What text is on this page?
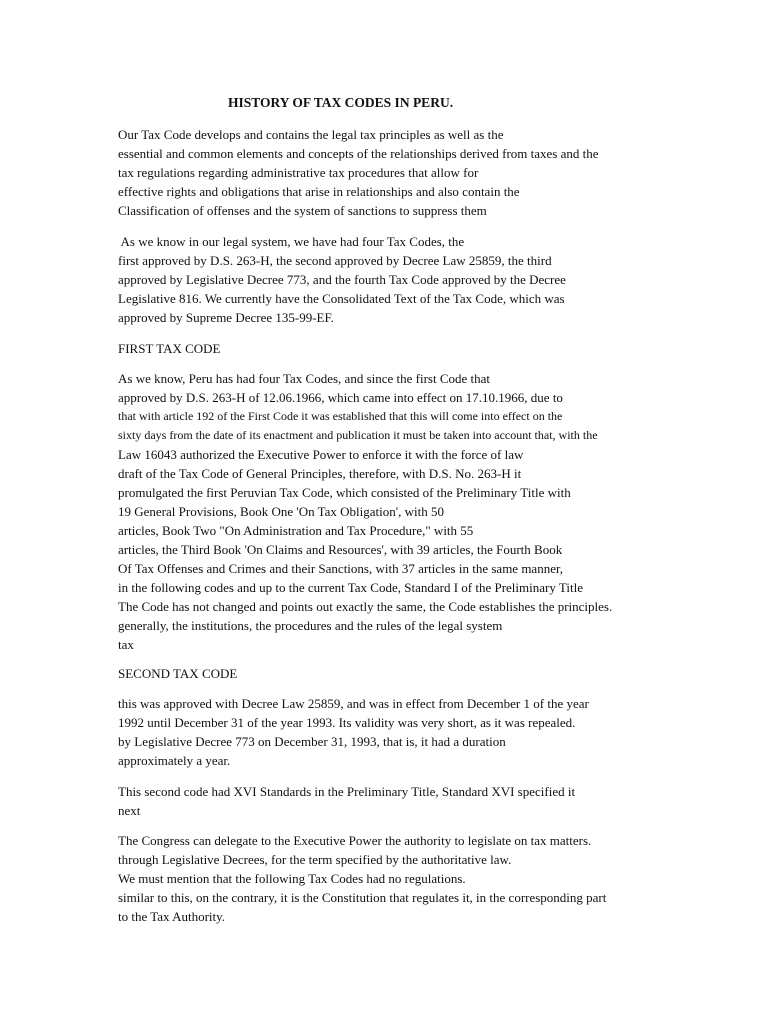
HISTORY OF TAX CODES IN PERU.
Our Tax Code develops and contains the legal tax principles as well as the
essential and common elements and concepts of the relationships derived from taxes and the
tax regulations regarding administrative tax procedures that allow for
effective rights and obligations that arise in relationships and also contain the
Classification of offenses and the system of sanctions to suppress them
As we know in our legal system, we have had four Tax Codes, the
first approved by D.S. 263-H, the second approved by Decree Law 25859, the third
approved by Legislative Decree 773, and the fourth Tax Code approved by the Decree
Legislative 816. We currently have the Consolidated Text of the Tax Code, which was
approved by Supreme Decree 135-99-EF.
FIRST TAX CODE
As we know, Peru has had four Tax Codes, and since the first Code that
approved by D.S. 263-H of 12.06.1966, which came into effect on 17.10.1966, due to
that with article 192 of the First Code it was established that this will come into effect on the
sixty days from the date of its enactment and publication it must be taken into account that, with the
Law 16043 authorized the Executive Power to enforce it with the force of law
draft of the Tax Code of General Principles, therefore, with D.S. No. 263-H it
promulgated the first Peruvian Tax Code, which consisted of the Preliminary Title with
19 General Provisions, Book One 'On Tax Obligation', with 50
articles, Book Two "On Administration and Tax Procedure," with 55
articles, the Third Book 'On Claims and Resources', with 39 articles, the Fourth Book
Of Tax Offenses and Crimes and their Sanctions, with 37 articles in the same manner,
in the following codes and up to the current Tax Code, Standard I of the Preliminary Title
The Code has not changed and points out exactly the same, the Code establishes the principles.
generally, the institutions, the procedures and the rules of the legal system
tax
SECOND TAX CODE
this was approved with Decree Law 25859, and was in effect from December 1 of the year
1992 until December 31 of the year 1993. Its validity was very short, as it was repealed.
by Legislative Decree 773 on December 31, 1993, that is, it had a duration
approximately a year.
This second code had XVI Standards in the Preliminary Title, Standard XVI specified it
next
The Congress can delegate to the Executive Power the authority to legislate on tax matters.
through Legislative Decrees, for the term specified by the authoritative law.
We must mention that the following Tax Codes had no regulations.
similar to this, on the contrary, it is the Constitution that regulates it, in the corresponding part
to the Tax Authority.
